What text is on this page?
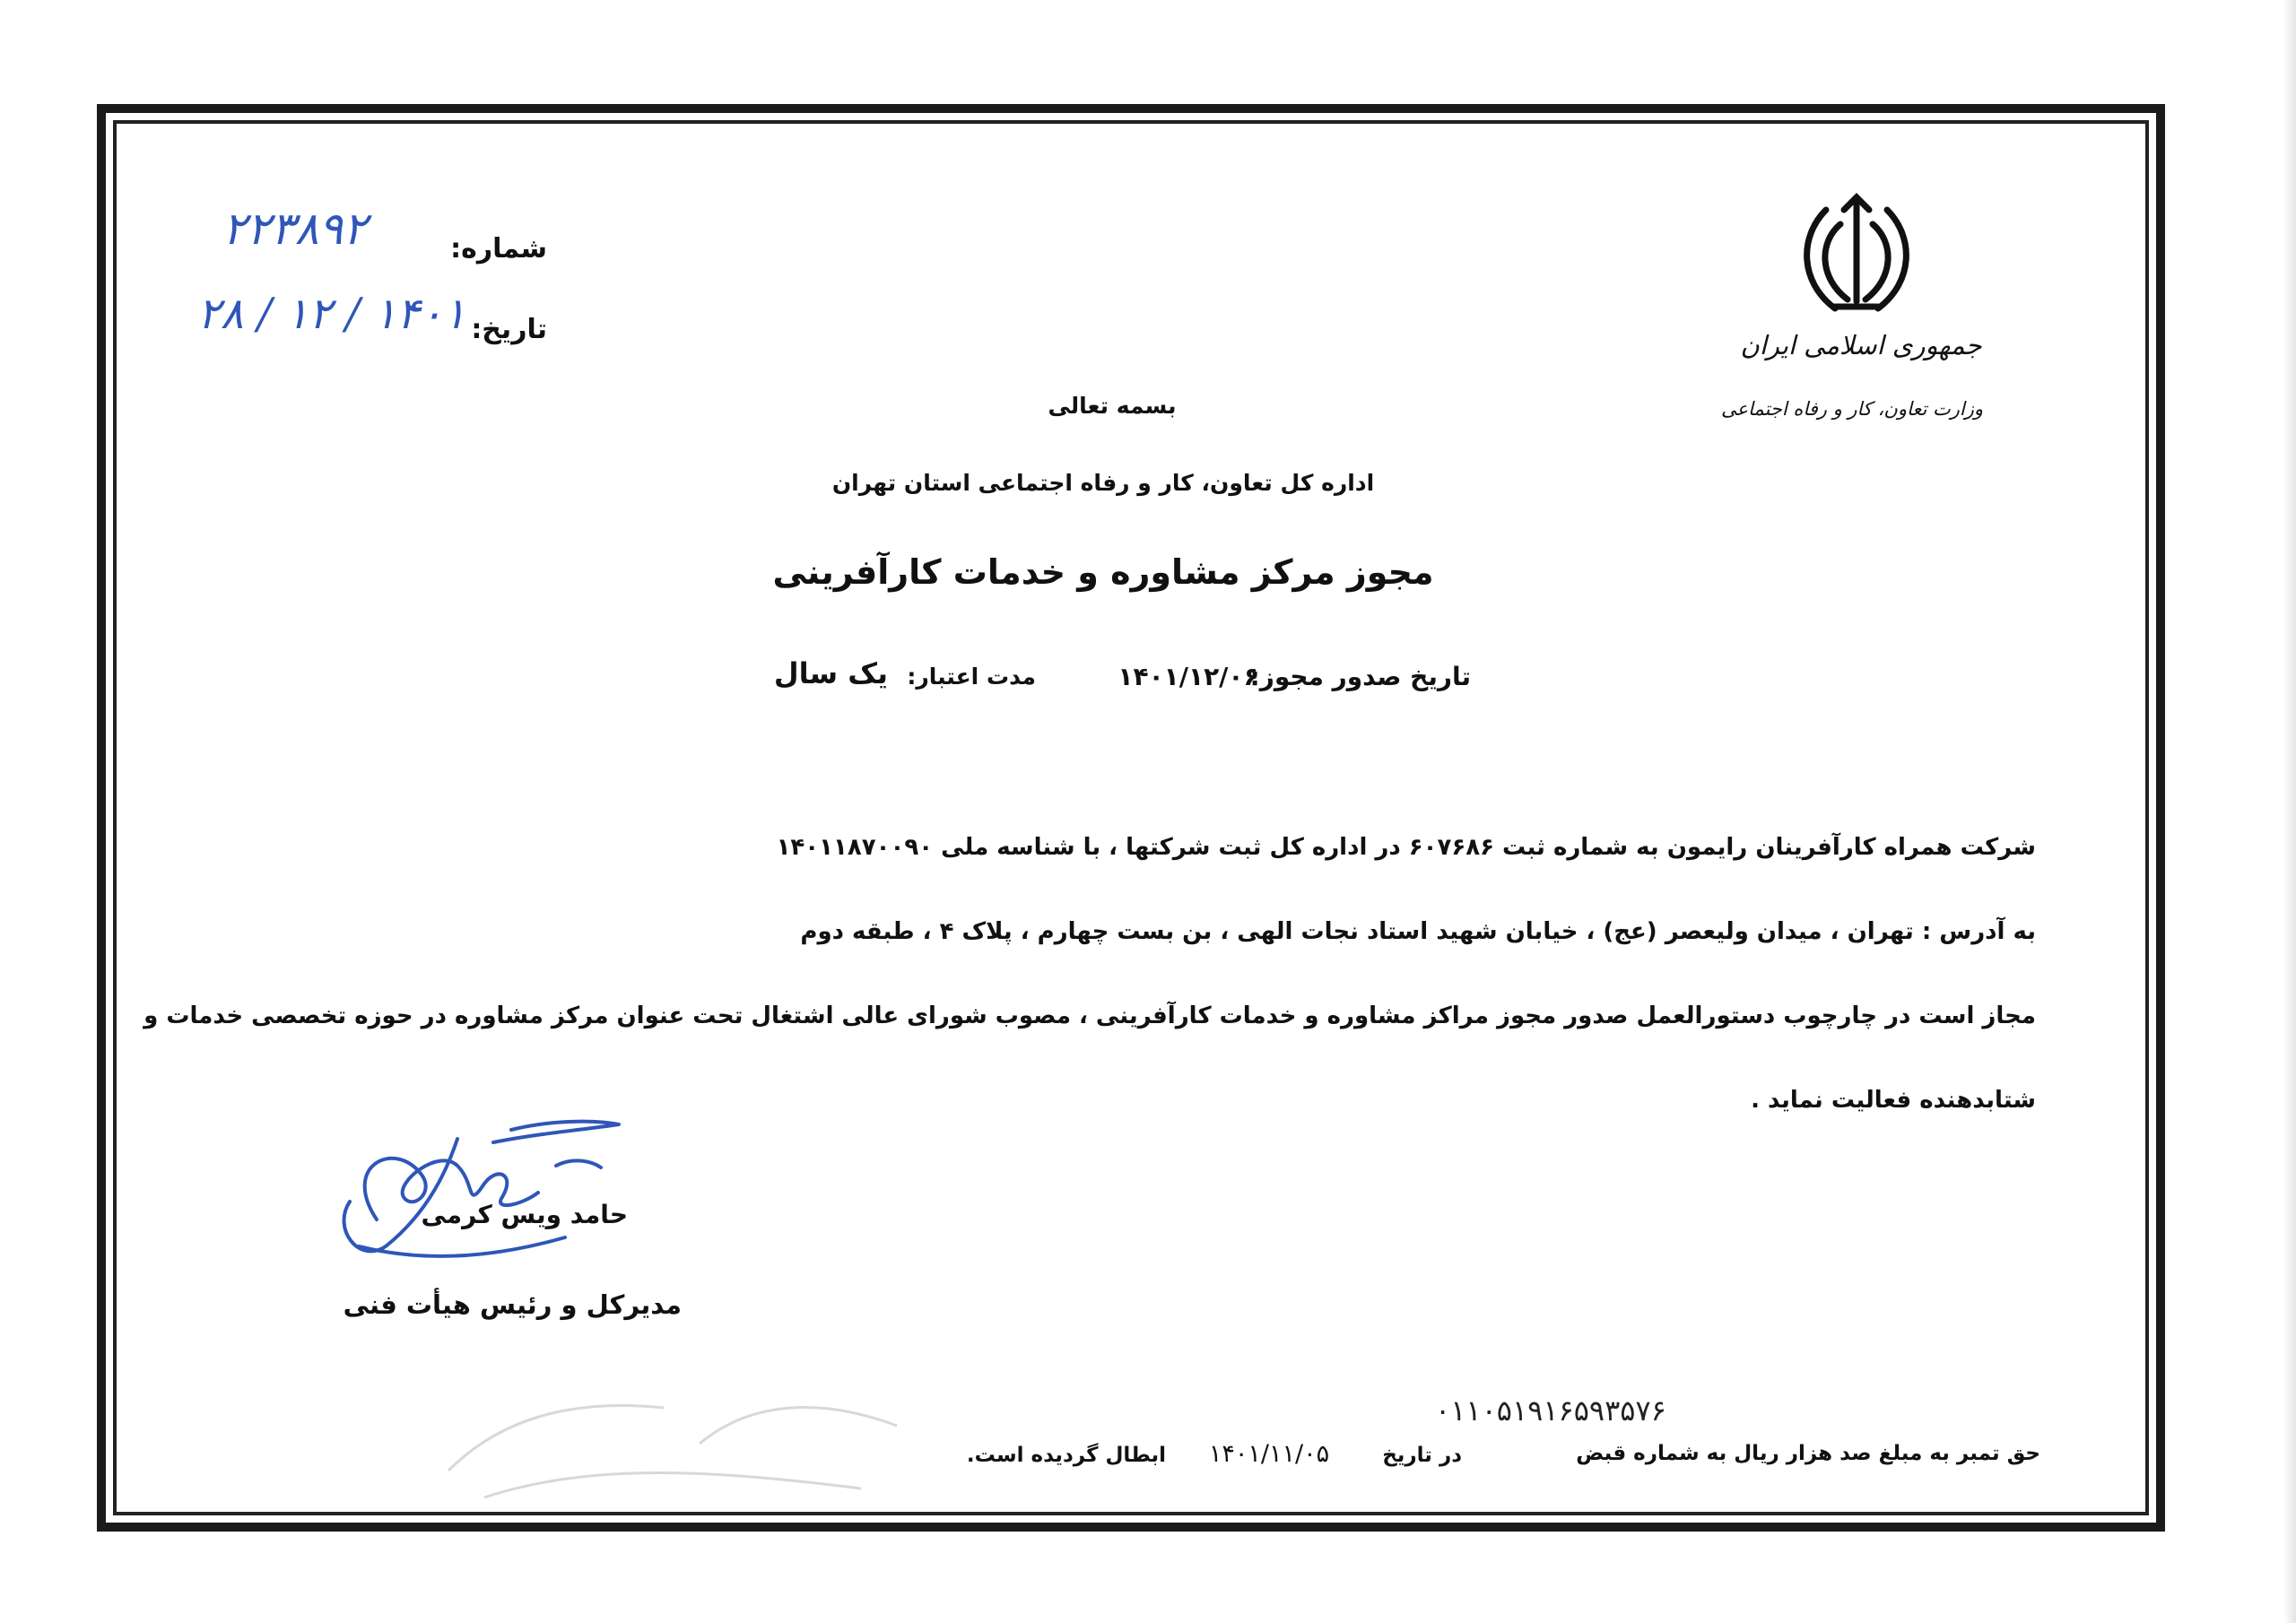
شماره:
۲۲۳۸۹۲
تاریخ:
۱۴۰۱ / ۱۲ / ۲۸
جمهوری اسلامی ایران
وزارت تعاون، کار و رفاه اجتماعی
بسمه تعالی
اداره کل تعاون، کار و رفاه اجتماعی استان تهران
مجوز مرکز مشاوره و خدمات کارآفرینی
تاریخ صدور مجوز:
۱۴۰۱/۱۲/۰۶
مدت اعتبار:
یک سال
شرکت همراه کارآفرینان رایمون به شماره ثبت ۶۰۷۶۸۶ در اداره کل ثبت شرکتها ، با شناسه ملی ۱۴۰۱۱۸۷۰۰۹۰
به آدرس : تهران ، میدان ولیعصر (عج) ، خیابان شهید استاد نجات الهی ، بن بست چهارم ، پلاک ۴ ، طبقه دوم
مجاز است در چارچوب دستورالعمل صدور مجوز مراکز مشاوره و خدمات کارآفرینی ، مصوب شورای عالی اشتغال تحت عنوان مرکز مشاوره در حوزه تخصصی خدمات و
شتابدهنده فعالیت نماید .
حامد ویس کرمی
مدیرکل و رئیس هیأت فنی
۰۱۱۰۵۱۹۱۶۵۹۳۵۷۶
حق تمبر به مبلغ صد هزار ریال به شماره قبض
در تاریخ
۱۴۰۱/۱۱/۰۵
ابطال گردیده است.
